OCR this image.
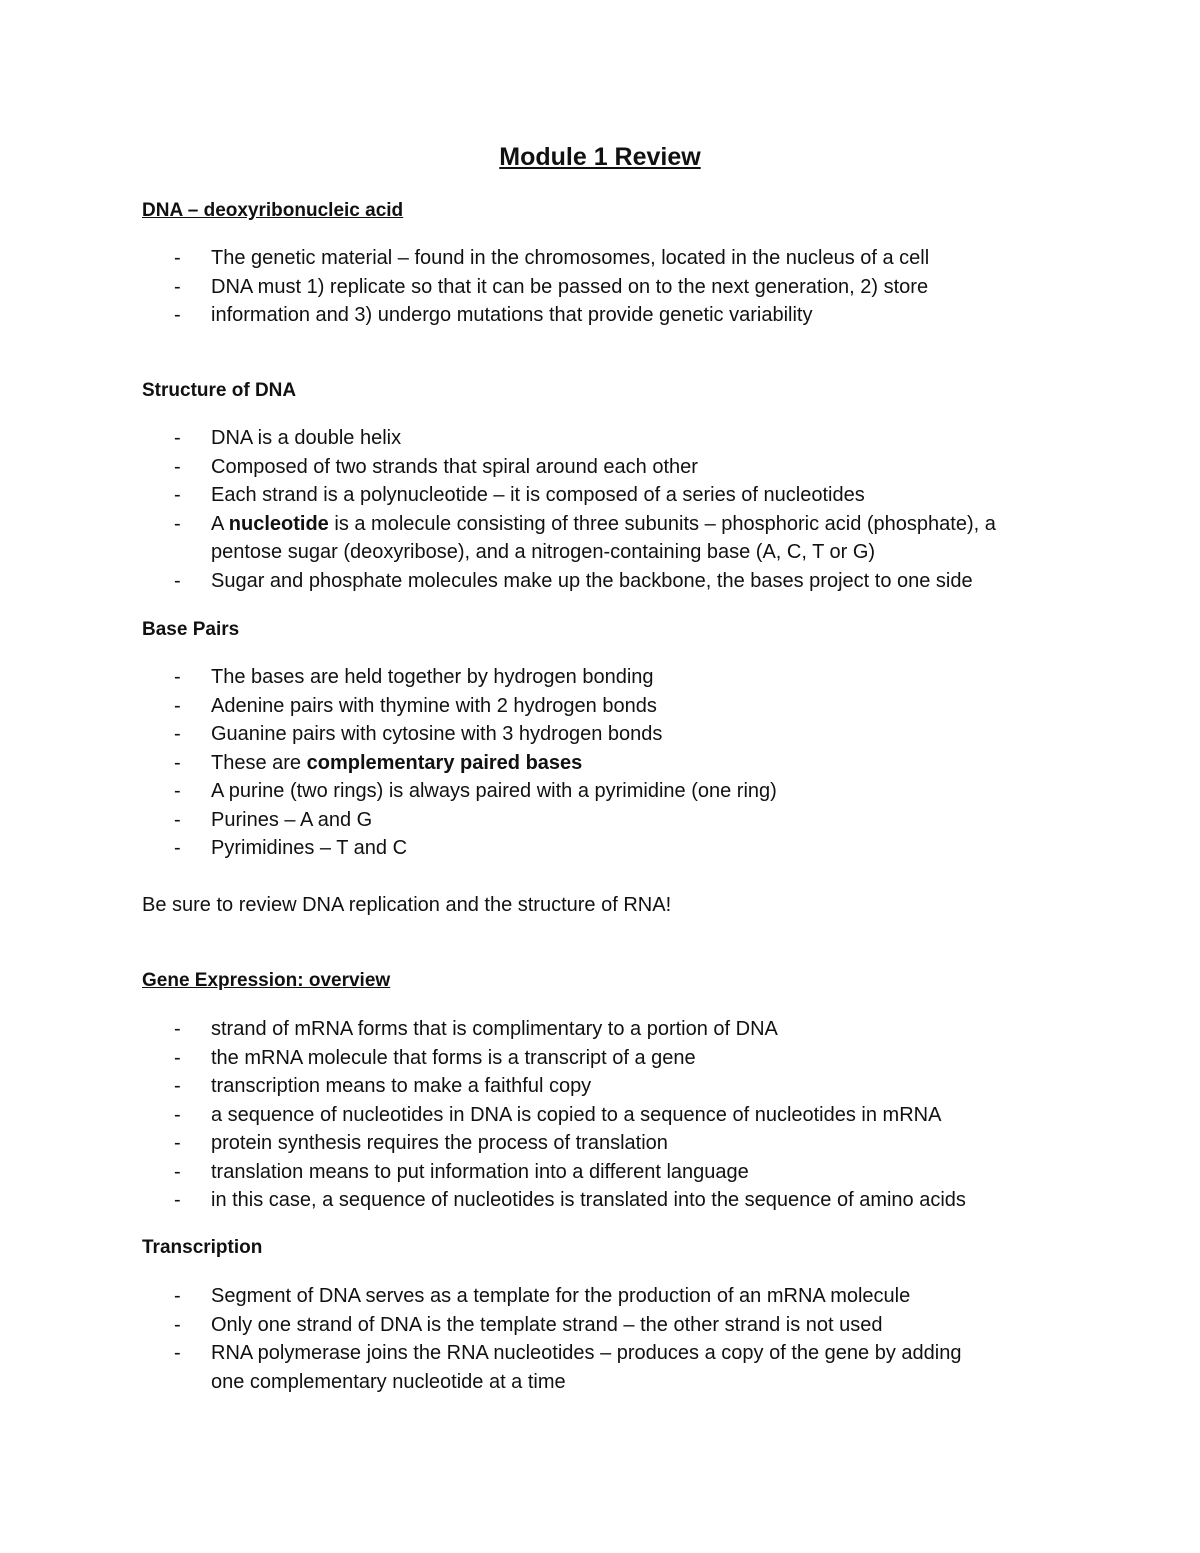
Module 1 Review
DNA – deoxyribonucleic acid
- The genetic material – found in the chromosomes, located in the nucleus of a cell
- DNA must 1) replicate so that it can be passed on to the next generation, 2) store
- information and 3) undergo mutations that provide genetic variability
Structure of DNA
- DNA is a double helix
- Composed of two strands that spiral around each other
- Each strand is a polynucleotide – it is composed of a series of nucleotides
- A nucleotide is a molecule consisting of three subunits – phosphoric acid (phosphate), a
pentose sugar (deoxyribose), and a nitrogen-containing base (A, C, T or G)
- Sugar and phosphate molecules make up the backbone, the bases project to one side
Base Pairs
- The bases are held together by hydrogen bonding
- Adenine pairs with thymine with 2 hydrogen bonds
- Guanine pairs with cytosine with 3 hydrogen bonds
- These are complementary paired bases
- A purine (two rings) is always paired with a pyrimidine (one ring)
- Purines – A and G
- Pyrimidines – T and C
Be sure to review DNA replication and the structure of RNA!
Gene Expression: overview
- strand of mRNA forms that is complimentary to a portion of DNA
- the mRNA molecule that forms is a transcript of a gene
- transcription means to make a faithful copy
- a sequence of nucleotides in DNA is copied to a sequence of nucleotides in mRNA
- protein synthesis requires the process of translation
- translation means to put information into a different language
- in this case, a sequence of nucleotides is translated into the sequence of amino acids
Transcription
- Segment of DNA serves as a template for the production of an mRNA molecule
- Only one strand of DNA is the template strand – the other strand is not used
- RNA polymerase joins the RNA nucleotides – produces a copy of the gene by adding
one complementary nucleotide at a time
